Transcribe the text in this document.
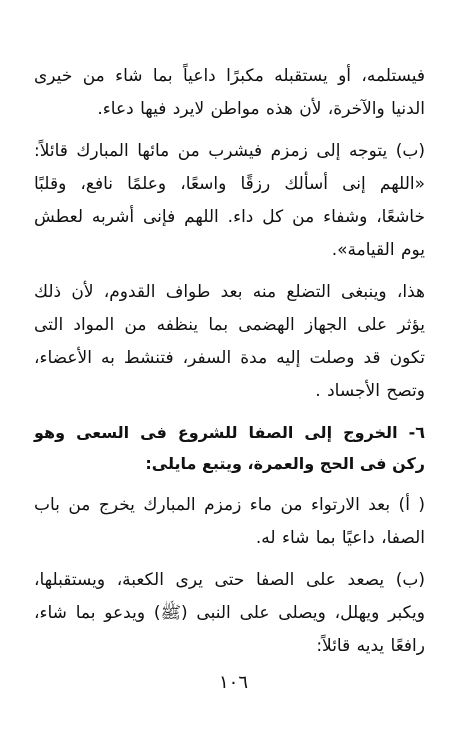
فيستلمه، أو يستقبله مكبرًا داعياً بما شاء من خيرى الدنيا والآخرة، لأن هذه مواطن لايرد فيها دعاء.

(ب) يتوجه إلى زمزم فيشرب من مائها المبارك قائلاً: «اللهم إنى أسألك رزقًا واسعًا، وعلمًا نافع، وقلبًا خاشعًا، وشفاء من كل داء. اللهم فإنى أشربه لعطش يوم القيامة».

هذا، وينبغى التضلع منه بعد طواف القدوم، لأن ذلك يؤثر على الجهاز الهضمى بما ينظفه من المواد التى تكون قد وصلت إليه مدة السفر، فتنشط به الأعضاء، وتصح الأجساد .

٦- الخروج إلى الصفا للشروع فى السعى وهو ركن فى الحج والعمرة، ويتبع مايلى:

( أ) بعد الارتواء من ماء زمزم المبارك يخرج من باب الصفا، داعيًا بما شاء له.

(ب) يصعد على الصفا حتى يرى الكعبة، ويستقبلها، ويكبر ويهلل، ويصلى على النبى (ﷺ) ويدعو بما شاء، رافعًا يديه قائلاً:

١٠٦
